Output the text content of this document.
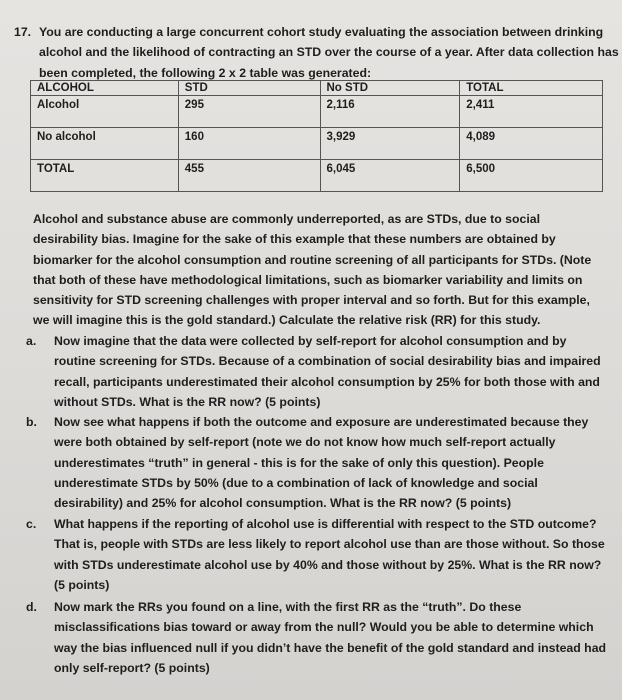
17. You are conducting a large concurrent cohort study evaluating the association between drinking alcohol and the likelihood of contracting an STD over the course of a year. After data collection has been completed, the following 2 x 2 table was generated:

ALCOHOL	STD	No STD	TOTAL
Alcohol	295	2,116	2,411
No alcohol	160	3,929	4,089
TOTAL	455	6,045	6,500

Alcohol and substance abuse are commonly underreported, as are STDs, due to social desirability bias. Imagine for the sake of this example that these numbers are obtained by biomarker for the alcohol consumption and routine screening of all participants for STDs. (Note that both of these have methodological limitations, such as biomarker variability and limits on sensitivity for STD screening challenges with proper interval and so forth. But for this example, we will imagine this is the gold standard.) Calculate the relative risk (RR) for this study.

a.	Now imagine that the data were collected by self-report for alcohol consumption and by routine screening for STDs. Because of a combination of social desirability bias and impaired recall, participants underestimated their alcohol consumption by 25% for both those with and without STDs. What is the RR now? (5 points)
b.	Now see what happens if both the outcome and exposure are underestimated because they were both obtained by self-report (note we do not know how much self-report actually underestimates “truth” in general - this is for the sake of only this question). People underestimate STDs by 50% (due to a combination of lack of knowledge and social desirability) and 25% for alcohol consumption. What is the RR now? (5 points)
c.	What happens if the reporting of alcohol use is differential with respect to the STD outcome? That is, people with STDs are less likely to report alcohol use than are those without. So those with STDs underestimate alcohol use by 40% and those without by 25%. What is the RR now? (5 points)
d.	Now mark the RRs you found on a line, with the first RR as the “truth”. Do these misclassifications bias toward or away from the null? Would you be able to determine which way the bias influenced null if you didn’t have the benefit of the gold standard and instead had only self-report? (5 points)
